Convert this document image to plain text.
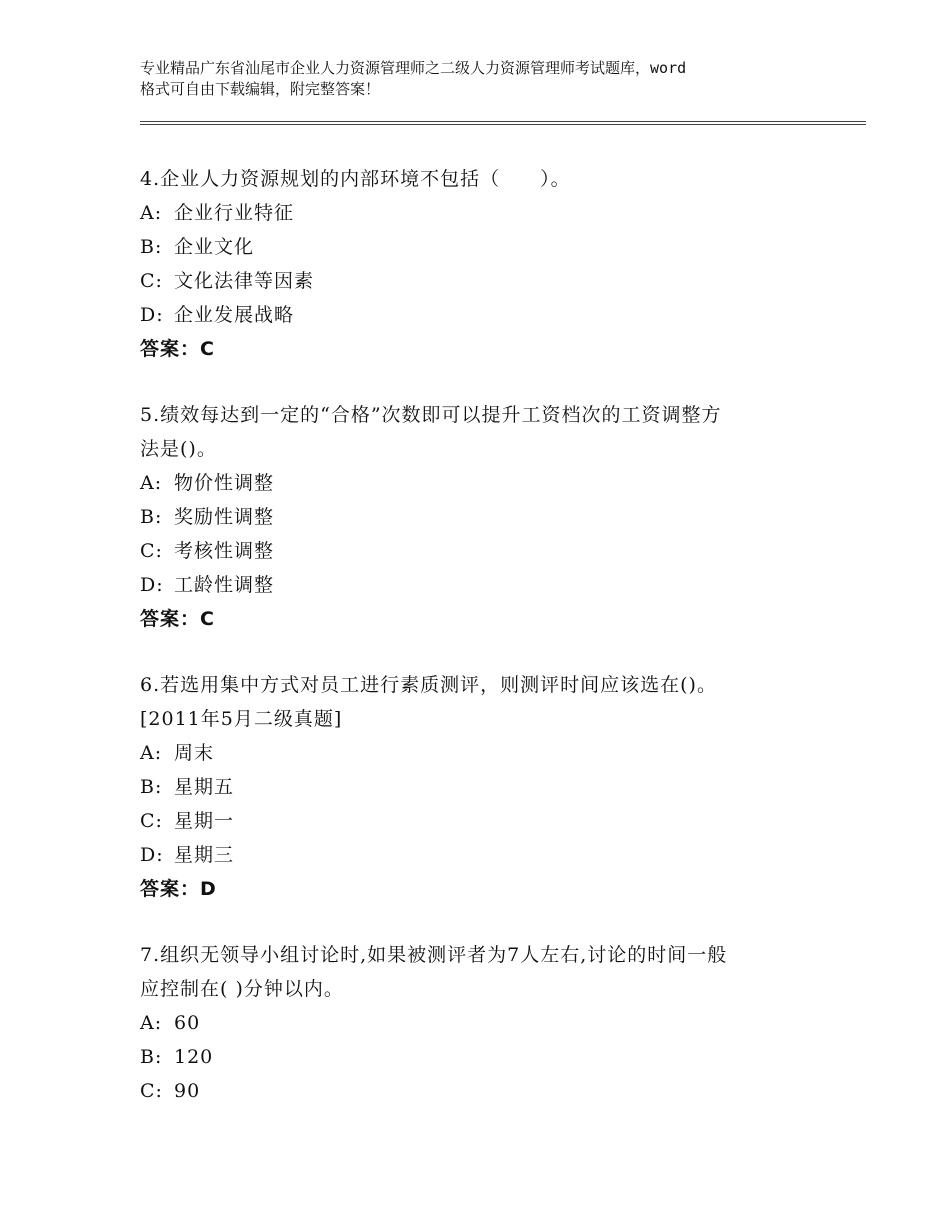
专业精品广东省汕尾市企业人力资源管理师之二级人力资源管理师考试题库，word
格式可自由下载编辑，附完整答案！
4.企业人力资源规划的内部环境不包括（　　）。
A: 企业行业特征
B: 企业文化
C: 文化法律等因素
D: 企业发展战略
答案：C
5.绩效每达到一定的“合格”次数即可以提升工资档次的工资调整方
法是()。
A: 物价性调整
B: 奖励性调整
C: 考核性调整
D: 工龄性调整
答案：C
6.若选用集中方式对员工进行素质测评，则测评时间应该选在()。
[2011年5月二级真题]
A: 周末
B: 星期五
C: 星期一
D: 星期三
答案：D
7.组织无领导小组讨论时,如果被测评者为7人左右,讨论的时间一般
应控制在( )分钟以内。
A: 60
B: 120
C: 90
